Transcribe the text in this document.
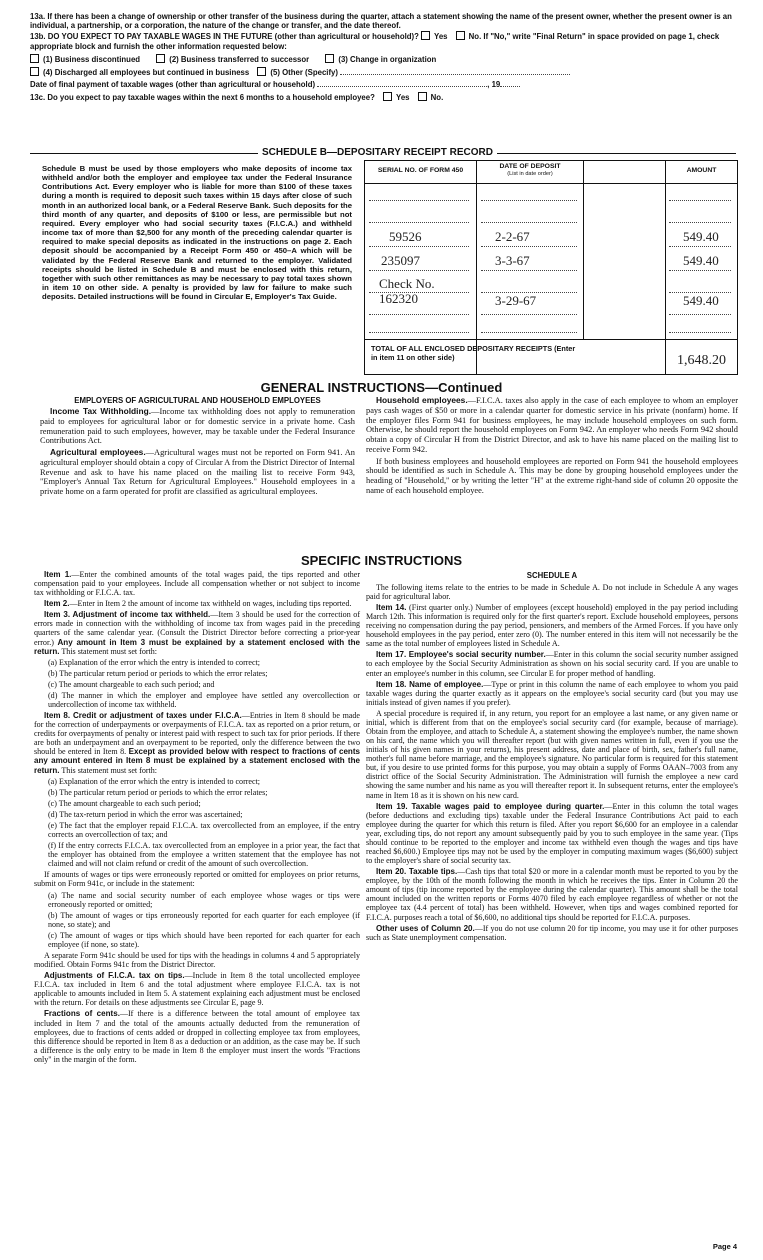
13a. If there has been a change of ownership or other transfer of the business during the quarter, attach a statement showing the name of the present owner, whether the present owner is an individual, a partnership, or a corporation, the nature of the change or transfer, and the date thereof.

13b. DO YOU EXPECT TO PAY TAXABLE WAGES IN THE FUTURE (other than agricultural or household)? Yes	No. If "No," write "Final Return" in space provided on page 1, check appropriate block and furnish the other information requested below:

(1) Business discontinued	(2) Business transferred to successor	(3) Change in organization

(4) Discharged all employees but continued in business	(5) Other (Specify)

Date of final payment of taxable wages (other than agricultural or household)	, 19

13c. Do you expect to pay taxable wages within the next 6 months to a household employee?	Yes	No.

SCHEDULE B—DEPOSITARY RECEIPT RECORD
Schedule B must be used by those employers who make deposits of income tax withheld and/or both the employer and employee tax under the Federal Insurance Contributions Act. Every employer who is liable for more than $100 of these taxes during a month is required to deposit such taxes within 15 days after close of such month in an authorized local bank, or a Federal Reserve Bank. Such deposits for the third month of any quarter, and deposits of $100 or less, are permissible but not required. Every employer who had social security taxes (F.I.C.A.) and withheld income tax of more than $2,500 for any month of the preceding calendar quarter is required to make special deposits as indicated in the instructions on page 2. Each deposit should be accompanied by a Receipt Form 450 or 450–A which will be validated by the Federal Reserve Bank and returned to the employer. Validated receipts should be listed in Schedule B and must be enclosed with this return, together with such other remittances as may be necessary to pay total taxes shown in item 10 on other side. A penalty is provided by law for failure to make such deposits. Detailed instructions will be found in Circular E, Employer's Tax Guide.
SERIAL NO. OF FORM 450
DATE OF DEPOSIT
(List in date order)
AMOUNT
59526	2-2-67	549.40
235097	3-3-67	549.40
Check No. 162320	3-29-67	549.40
TOTAL OF ALL ENCLOSED DEPOSITARY RECEIPTS (Enter in item 11 on other side)	1,648.20
GENERAL INSTRUCTIONS—Continued

EMPLOYERS OF AGRICULTURAL AND HOUSEHOLD EMPLOYEES

Income Tax Withholding.—Income tax withholding does not apply to remuneration paid to employees for agricultural labor or for domestic service in a private home. Cash remuneration paid to such employees, however, may be taxable under the Federal Insurance Contributions Act.

Agricultural employees.—Agricultural wages must not be reported on Form 941. An agricultural employer should obtain a copy of Circular A from the District Director of Internal Revenue and ask to have his name placed on the mailing list to receive Form 943, "Employer's Annual Tax Return for Agricultural Employees." Household employees in a private home on a farm operated for profit are classified as agricultural employees.

Household employees.—F.I.C.A. taxes also apply in the case of each employee to whom an employer pays cash wages of $50 or more in a calendar quarter for domestic service in his private (nonfarm) home. If the employer files Form 941 for business employees, he may include household employees on such form. Otherwise, he should report the household employees on Form 942. An employer who needs Form 942 should obtain a copy of Circular H from the District Director, and ask to have his name placed on the mailing list to receive Form 942.

If both business employees and household employees are reported on Form 941 the household employees should be identified as such in Schedule A. This may be done by grouping household employees under the heading of "Household," or by writing the letter "H" at the extreme right-hand side of column 20 opposite the name of each household employee.

SPECIFIC INSTRUCTIONS

Item 1.—Enter the combined amounts of the total wages paid, the tips reported and other compensation paid to your employees. Include all compensation whether or not subject to income tax withholding or F.I.C.A. tax.

Item 2.—Enter in Item 2 the amount of income tax withheld on wages, including tips reported.

Item 3. Adjustment of income tax withheld.—Item 3 should be used for the correction of errors made in connection with the withholding of income tax from wages paid in the preceding quarters of the same calendar year. (Consult the District Director before correcting a prior-year error.) Any amount in Item 3 must be explained by a statement enclosed with the return. This statement must set forth:

(a) Explanation of the error which the entry is intended to correct;

(b) The particular return period or periods to which the error relates;

(c) The amount chargeable to each such period; and

(d) The manner in which the employer and employee have settled any overcollection or undercollection of income tax withheld.

Item 8. Credit or adjustment of taxes under F.I.C.A.—Entries in Item 8 should be made for the correction of underpayments or overpayments of F.I.C.A. tax as reported on a prior return, or credits for overpayments of penalty or interest paid with respect to such tax for prior periods. If there are both an underpayment and an overpayment to be reported, only the difference between the two should be entered in Item 8. Except as provided below with respect to fractions of cents any amount entered in Item 8 must be explained by a statement enclosed with the return. This statement must set forth:

(a) Explanation of the error which the entry is intended to correct;

(b) The particular return period or periods to which the error relates;

(c) The amount chargeable to each such period;

(d) The tax-return period in which the error was ascertained;

(e) The fact that the employer repaid F.I.C.A. tax overcollected from an employee, if the entry corrects an overcollection of tax; and

(f) If the entry corrects F.I.C.A. tax overcollected from an employee in a prior year, the fact that the employer has obtained from the employee a written statement that the employee has not claimed and will not claim refund or credit of the amount of such overcollection.

If amounts of wages or tips were erroneously reported or omitted for employees on prior returns, submit on Form 941c, or include in the statement:

(a) The name and social security number of each employee whose wages or tips were erroneously reported or omitted;

(b) The amount of wages or tips erroneously reported for each quarter for each employee (if none, so state); and

(c) The amount of wages or tips which should have been reported for each quarter for each employee (if none, so state).

A separate Form 941c should be used for tips with the headings in columns 4 and 5 appropriately modified. Obtain Forms 941c from the District Director.

Adjustments of F.I.C.A. tax on tips.—Include in Item 8 the total uncollected employee F.I.C.A. tax included in Item 6 and the total adjustment where employee F.I.C.A. tax is not applicable to amounts included in Item 5. A statement explaining each adjustment must be enclosed with the return. For details on these adjustments see Circular E, page 9.

Fractions of cents.—If there is a difference between the total amount of employee tax included in Item 7 and the total of the amounts actually deducted from the remuneration of employees, due to fractions of cents added or dropped in collecting employee tax from employees, this difference should be reported in Item 8 as a deduction or an addition, as the case may be. If such a difference is the only entry to be made in Item 8 the employer must insert the words "Fractions only" in the margin of the form.

SCHEDULE A

The following items relate to the entries to be made in Schedule A. Do not include in Schedule A any wages paid for agricultural labor.

Item 14. (First quarter only.) Number of employees (except household) employed in the pay period including March 12th. This information is required only for the first quarter's report. Exclude household employees, persons receiving no compensation during the pay period, pensioners, and members of the Armed Forces. If you have only household employees in the pay period, enter zero (0). The number entered in this item will not necessarily be the same as the total number of employees listed in Schedule A.

Item 17. Employee's social security number.—Enter in this column the social security number assigned to each employee by the Social Security Administration as shown on his social security card. If you are unable to enter an employee's number in this column, see Circular E for proper method of handling.

Item 18. Name of employee.—Type or print in this column the name of each employee to whom you paid taxable wages during the quarter exactly as it appears on the employee's social security card (but you may use initials instead of given names if you prefer).

A special procedure is required if, in any return, you report for an employee a last name, or any given name or initial, which is different from that on the employee's social security card (for example, because of marriage). Obtain from the employee, and attach to Schedule A, a statement showing the employee's number, the name shown on his card, the name which you will thereafter report (but with given names written in full, even if you use the initials of his given names in your returns), his present address, date and place of birth, sex, father's full name, mother's full name before marriage, and the employee's signature. No particular form is required for this statement but, if you desire to use printed forms for this purpose, you may obtain a supply of Forms OAAN–7003 from any district office of the Social Security Administration. The Administration will furnish the employee a new card showing the same number and his name as you will thereafter report it. In subsequent returns, enter the employee's name in Item 18 as it is shown on his new card.

Item 19. Taxable wages paid to employee during quarter.—Enter in this column the total wages (before deductions and excluding tips) taxable under the Federal Insurance Contributions Act paid to each employee during the quarter for which this return is filed. After you report $6,600 for an employee in a calendar year, excluding tips, do not report any amount subsequently paid by you to such employee in the same year. (Tips should continue to be reported to the employer and income tax withheld even though the wages and tips have reached $6,600.) Employee tips may not be used by the employer in computing maximum wages ($6,600) subject to the employer's share of social security tax.

Item 20. Taxable tips.—Cash tips that total $20 or more in a calendar month must be reported to you by the employee, by the 10th of the month following the month in which he receives the tips. Enter in Column 20 the amount of tips (tip income reported by the employee during the calendar quarter). This amount shall be the total amount included on the written reports or Forms 4070 filed by each employee regardless of whether or not the employee tax (4.4 percent of total) has been withheld. However, when tips and wages combined reported for F.I.C.A. purposes reach a total of $6,600, no additional tips should be reported for F.I.C.A. purposes.

Other uses of Column 20.—If you do not use column 20 for tip income, you may use it for other purposes such as State unemployment compensation.

Page 4
